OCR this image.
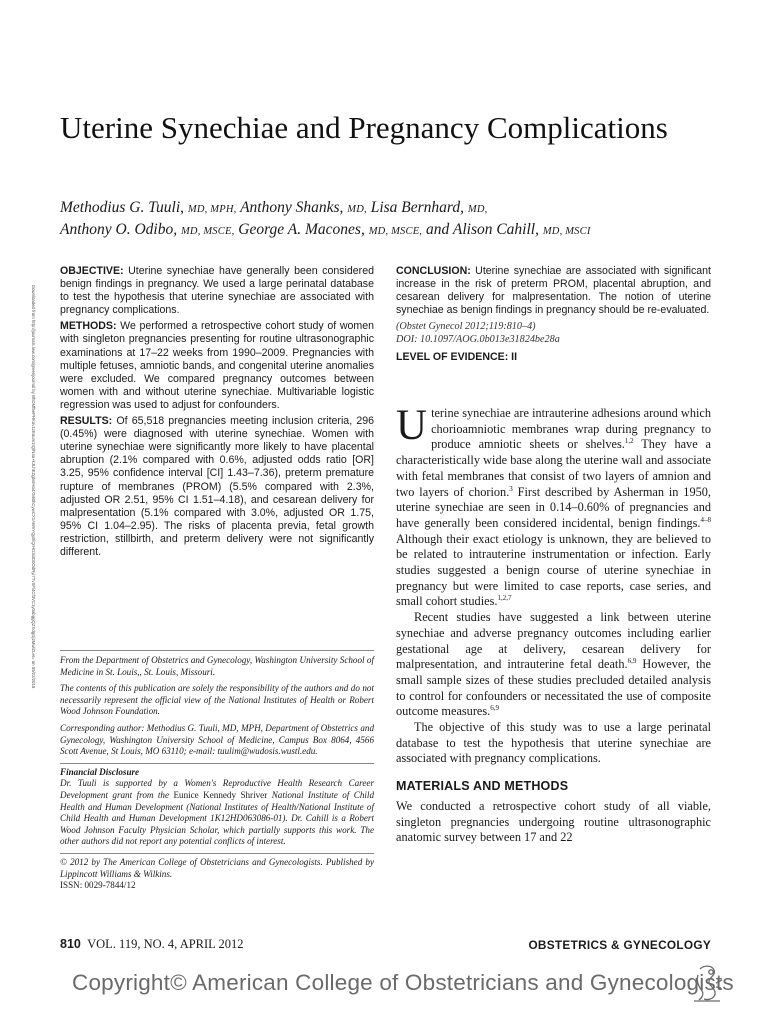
Uterine Synechiae and Pregnancy Complications
Methodius G. Tuuli, MD, MPH, Anthony Shanks, MD, Lisa Bernhard, MD,
Anthony O. Odibo, MD, MSCE, George A. Macones, MD, MSCE, and Alison Cahill, MD, MSCI
Downloaded from http://journals.lww.com/greenjournal by BhDMf5ePHKav1zEoum1tQfN4a+kJLhEZgbsIHo4XMi0hCywCX1AWnYQp/IlQrHD3i3D0OdRyi7TvSFl4Cf3VC1y0abggQZXdgGj2MwlZLeI= on 09/22/2018

OBJECTIVE: Uterine synechiae have generally been considered benign findings in pregnancy. We used a large perinatal database to test the hypothesis that uterine synechiae are associated with pregnancy complications.

METHODS: We performed a retrospective cohort study of women with singleton pregnancies presenting for routine ultrasonographic examinations at 17–22 weeks from 1990–2009. Pregnancies with multiple fetuses, amniotic bands, and congenital uterine anomalies were excluded. We compared pregnancy outcomes between women with and without uterine synechiae. Multivariable logistic regression was used to adjust for confounders.

RESULTS: Of 65,518 pregnancies meeting inclusion criteria, 296 (0.45%) were diagnosed with uterine synechiae. Women with uterine synechiae were significantly more likely to have placental abruption (2.1% compared with 0.6%, adjusted odds ratio [OR] 3.25, 95% confidence interval [CI] 1.43–7.36), preterm premature rupture of membranes (PROM) (5.5% compared with 2.3%, adjusted OR 2.51, 95% CI 1.51–4.18), and cesarean delivery for malpresentation (5.1% compared with 3.0%, adjusted OR 1.75, 95% CI 1.04–2.95). The risks of placenta previa, fetal growth restriction, stillbirth, and preterm delivery were not significantly different.

CONCLUSION: Uterine synechiae are associated with significant increase in the risk of preterm PROM, placental abruption, and cesarean delivery for malpresentation. The notion of uterine synechiae as benign findings in pregnancy should be re-evaluated.

(Obstet Gynecol 2012;119:810–4)
DOI: 10.1097/AOG.0b013e31824be28a
LEVEL OF EVIDENCE: II

From the Department of Obstetrics and Gynecology, Washington University School of Medicine in St. Louis,, St. Louis, Missouri.

The contents of this publication are solely the responsibility of the authors and do not necessarily represent the official view of the National Institutes of Health or Robert Wood Johnson Foundation.

Corresponding author: Methodius G. Tuuli, MD, MPH, Department of Obstetrics and Gynecology, Washington University School of Medicine, Campus Box 8064, 4566 Scott Avenue, St Louis, MO 63110; e-mail: tuulim@wudosis.wustl.edu.

Financial Disclosure

Dr. Tuuli is supported by a Women's Reproductive Health Research Career Development grant from the Eunice Kennedy Shriver National Institute of Child Health and Human Development (National Institutes of Health/National Institute of Child Health and Human Development 1K12HD063086-01). Dr. Cahill is a Robert Wood Johnson Faculty Physician Scholar, which partially supports this work. The other authors did not report any potential conflicts of interest.

© 2012 by The American College of Obstetricians and Gynecologists. Published by Lippincott Williams & Wilkins.

ISSN: 0029-7844/12

Uterine synechiae are intrauterine adhesions around which chorioamniotic membranes wrap during pregnancy to produce amniotic sheets or shelves.$^{1,2}$ They have a characteristically wide base along the uterine wall and associate with fetal membranes that consist of two layers of amnion and two layers of chorion.$^3$ First described by Asherman in 1950, uterine synechiae are seen in 0.14–0.60% of pregnancies and have generally been considered incidental, benign findings.$^{4-8}$ Although their exact etiology is unknown, they are believed to be related to intrauterine instrumentation or infection. Early studies suggested a benign course of uterine synechiae in pregnancy but were limited to case reports, case series, and small cohort studies.$^{1,2,7}$

Recent studies have suggested a link between uterine synechiae and adverse pregnancy outcomes including earlier gestational age at delivery, cesarean delivery for malpresentation, and intrauterine fetal death.$^{6,9}$ However, the small sample sizes of these studies precluded detailed analysis to control for confounders or necessitated the use of composite outcome measures.$^{6,9}$

The objective of this study was to use a large perinatal database to test the hypothesis that uterine synechiae are associated with pregnancy complications.

MATERIALS AND METHODS

We conducted a retrospective cohort study of all viable, singleton pregnancies undergoing routine ultrasonographic anatomic survey between 17 and 22

810 VOL. 119, NO. 4, APRIL 2012	OBSTETRICS & GYNECOLOGY
Copyright© American College of Obstetricians and Gynecologists
